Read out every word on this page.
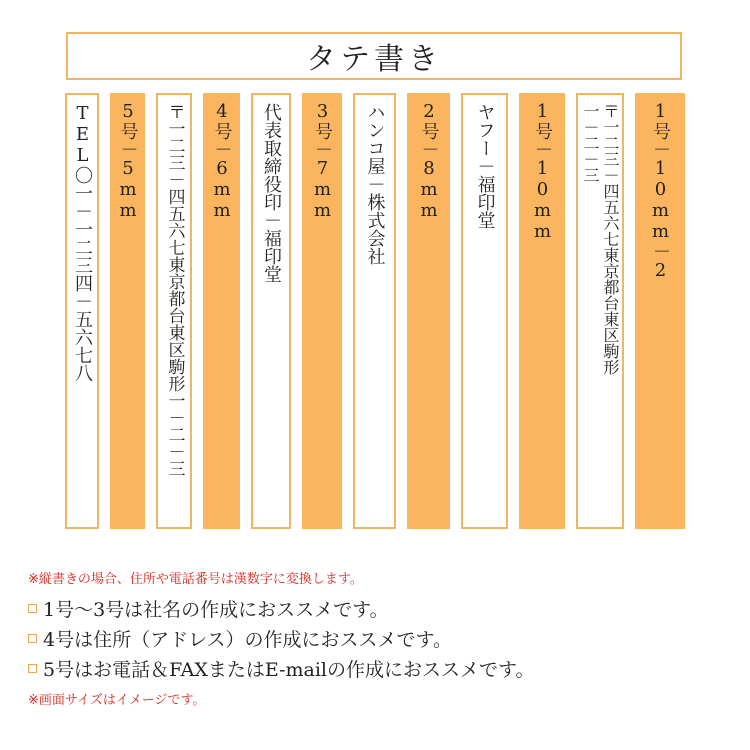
タテ書き
TEL〇一－一二三四－五六七八 5号－5mm 〒一二三－四五六七東京都台東区駒形一－二－三 4号－6mm 代表取締役印－福印堂 3号－7mm ハンコ屋－株式会社 2号－8mm ヤフー－福印堂 1号－10mm	〒一二三－四五六七東京都台東区駒形一－二－三	1号－10mm－2

※縦書きの場合、住所や電話番号は漢数字に変換します。

1号～3号は社名の作成におススメです。
4号は住所（アドレス）の作成におススメです。
5号はお電話＆FAXまたはE-mailの作成におススメです。

※画面サイズはイメージです。
